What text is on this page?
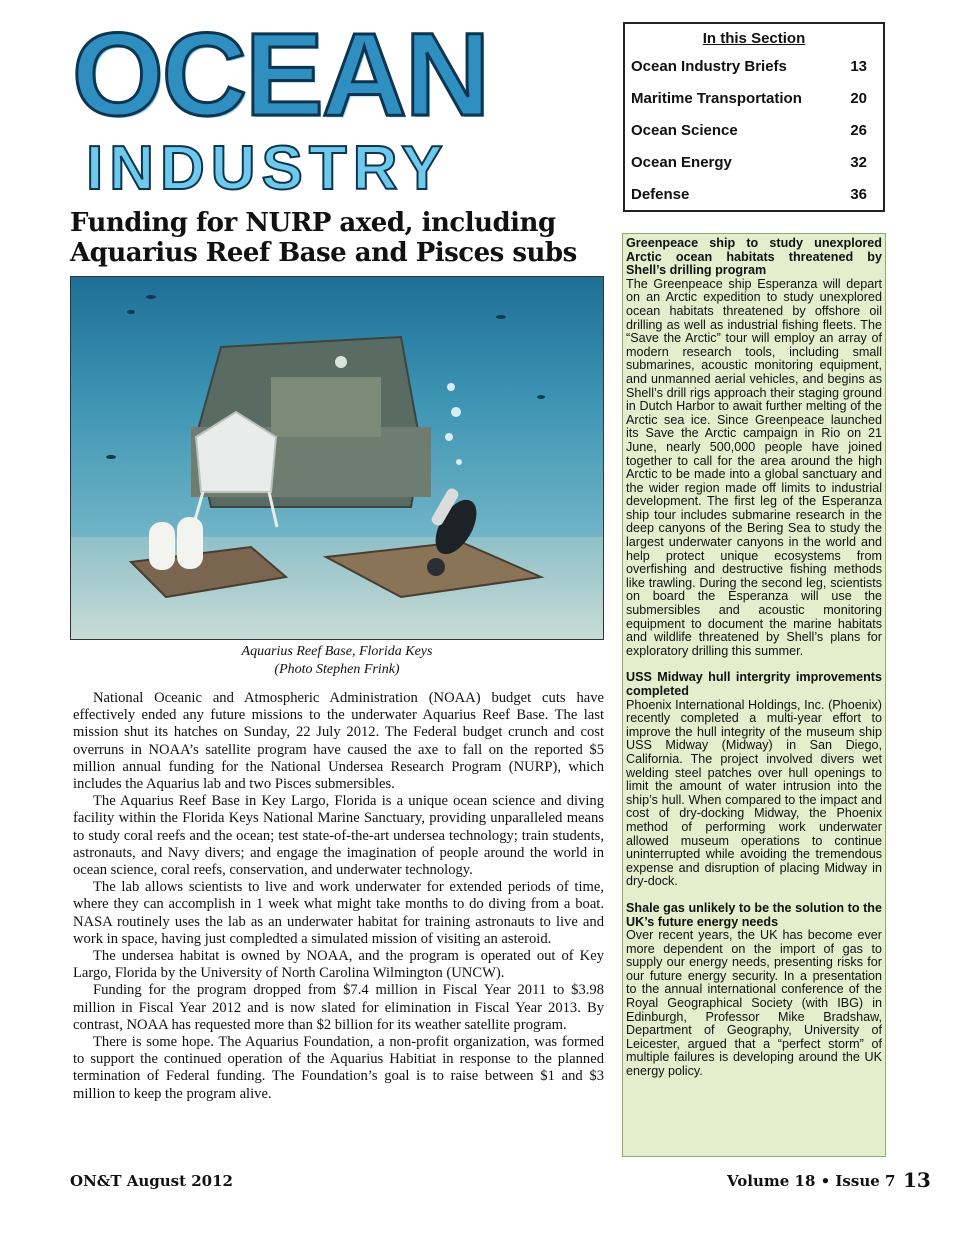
OCEAN
INDUSTRY
In this Section
Ocean Industry Briefs	13
Maritime Transportation	20
Ocean Science	26
Ocean Energy	32
Defense	36
Funding for NURP axed, including
Aquarius Reef Base and Pisces subs
Aquarius Reef Base, Florida Keys
(Photo Stephen Frink)

National Oceanic and Atmospheric Administration (NOAA) budget cuts have effectively ended any future missions to the underwater Aquarius Reef Base. The last mission shut its hatches on Sunday, 22 July 2012. The Federal budget crunch and cost overruns in NOAA’s satellite program have caused the axe to fall on the reported $5 million annual funding for the National Undersea Research Program (NURP), which includes the Aquarius lab and two Pisces submersibles.

The Aquarius Reef Base in Key Largo, Florida is a unique ocean science and diving facility within the Florida Keys National Marine Sanctuary, providing unparalleled means to study coral reefs and the ocean; test state-of-the-art undersea technology; train students, astronauts, and Navy divers; and engage the imagination of people around the world in ocean science, coral reefs, conservation, and underwater technology.

The lab allows scientists to live and work underwater for extended periods of time, where they can accomplish in 1 week what might take months to do diving from a boat. NASA routinely uses the lab as an underwater habitat for training astronauts to live and work in space, having just compledted a simulated mission of visiting an asteroid.

The undersea habitat is owned by NOAA, and the program is operated out of Key Largo, Florida by the University of North Carolina Wilmington (UNCW).

Funding for the program dropped from $7.4 million in Fiscal Year 2011 to $3.98 million in Fiscal Year 2012 and is now slated for elimination in Fiscal Year 2013. By contrast, NOAA has requested more than $2 billion for its weather satellite program.

There is some hope. The Aquarius Foundation, a non-profit organization, was formed to support the continued operation of the Aquarius Habitiat in response to the planned termination of Federal funding. The Foundation’s goal is to raise between $1 and $3 million to keep the program alive.

Greenpeace ship to study unexplored Arctic ocean habitats threatened by Shell’s drilling program
The Greenpeace ship Esperanza will depart on an Arctic expedition to study unexplored ocean habitats threatened by offshore oil drilling as well as industrial fishing fleets. The “Save the Arctic” tour will employ an array of modern research tools, including small submarines, acoustic monitoring equipment, and unmanned aerial vehicles, and begins as Shell’s drill rigs approach their staging ground in Dutch Harbor to await further melting of the Arctic sea ice. Since Greenpeace launched its Save the Arctic campaign in Rio on 21 June, nearly 500,000 people have joined together to call for the area around the high Arctic to be made into a global sanctuary and the wider region made off limits to industrial development. The first leg of the Esperanza ship tour includes submarine research in the deep canyons of the Bering Sea to study the largest underwater canyons in the world and help protect unique ecosystems from overfishing and destructive fishing methods like trawling. During the second leg, scientists on board the Esperanza will use the submersibles and acoustic monitoring equipment to document the marine habitats and wildlife threatened by Shell’s plans for exploratory drilling this summer.
USS Midway hull intergrity improvements completed
Phoenix International Holdings, Inc. (Phoenix) recently completed a multi-year effort to improve the hull integrity of the museum ship USS Midway (Midway) in San Diego, California. The project involved divers wet welding steel patches over hull openings to limit the amount of water intrusion into the ship’s hull. When compared to the impact and cost of dry-docking Midway, the Phoenix method of performing work underwater allowed museum operations to continue uninterrupted while avoiding the tremendous expense and disruption of placing Midway in dry-dock.
Shale gas unlikely to be the solution to the UK’s future energy needs
Over recent years, the UK has become ever more dependent on the import of gas to supply our energy needs, presenting risks for our future energy security. In a presentation to the annual international conference of the Royal Geographical Society (with IBG) in Edinburgh, Professor Mike Bradshaw, Department of Geography, University of Leicester, argued that a “perfect storm” of multiple failures is developing around the UK energy policy.
ON&T August 2012	Volume 18 • Issue 7 13
